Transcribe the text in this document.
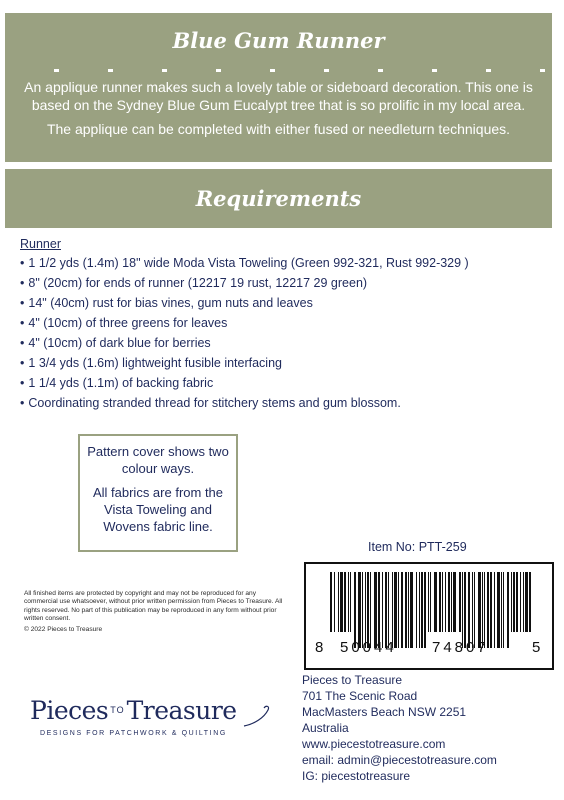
Blue Gum Runner

An applique runner makes such a lovely table or sideboard decoration. This one is based on the Sydney Blue Gum Eucalypt tree that is so prolific in my local area.

The applique can be completed with either fused or needleturn techniques.

Requirements
Runner
• 1 1/2 yds (1.4m) 18" wide Moda Vista Toweling (Green 992-321, Rust 992-329 )
• 8" (20cm) for ends of runner (12217 19 rust, 12217 29 green)
• 14" (40cm) rust for bias vines, gum nuts and leaves
• 4" (10cm) of three greens for leaves
• 4" (10cm) of dark blue for berries
• 1 3/4 yds (1.6m) lightweight fusible interfacing
• 1 1/4 yds (1.1m) of backing fabric
• Coordinating stranded thread for stitchery stems and gum blossom.

Pattern cover shows two colour ways.

All fabrics are from the Vista Toweling and Wovens fabric line.

Item No: PTT-259
8 50044 74807	5
All finished items are protected by copyright and may not be reproduced for any commercial use whatsoever, without prior written permission from Pieces to Treasure. All rights reserved. No part of this publication may be reproduced in any form without prior written consent.
© 2022 Pieces to Treasure
Pieces $^{TO}$Treasure
DESIGNS FOR PATCHWORK & QUILTING
Pieces to Treasure
701 The Scenic Road
MacMasters Beach NSW 2251
Australia
www.piecestotreasure.com
email: admin@piecestotreasure.com
IG: piecestotreasure
